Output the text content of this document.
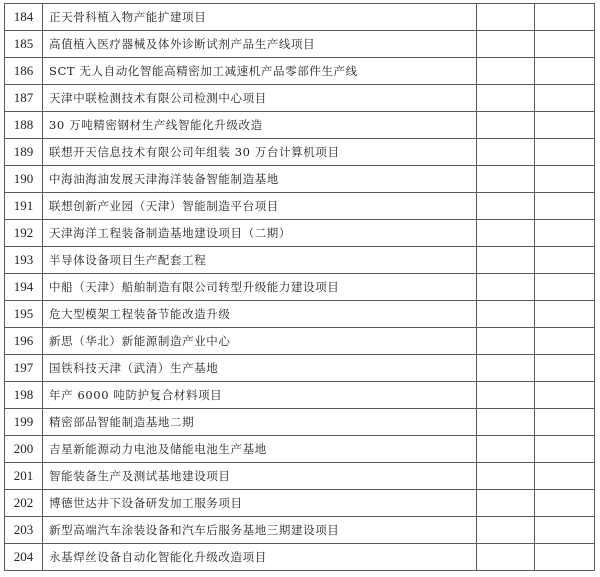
184	正天骨科植入物产能扩建项目		
185	高值植入医疗器械及体外诊断试剂产品生产线项目		
186	SCT 无人自动化智能高精密加工减速机产品零部件生产线		
187	天津中联检测技术有限公司检测中心项目		
188	30 万吨精密钢材生产线智能化升级改造		
189	联想开天信息技术有限公司年组装 30 万台计算机项目		
190	中海油海油发展天津海洋装备智能制造基地		
191	联想创新产业园（天津）智能制造平台项目		
192	天津海洋工程装备制造基地建设项目（二期）		
193	半导体设备项目生产配套工程		
194	中船（天津）船舶制造有限公司转型升级能力建设项目		
195	危大型模架工程装备节能改造升级		
196	新思（华北）新能源制造产业中心		
197	国铁科技天津（武清）生产基地		
198	年产 6000 吨防护复合材料项目		
199	精密部品智能制造基地二期		
200	吉星新能源动力电池及储能电池生产基地		
201	智能装备生产及测试基地建设项目		
202	博德世达井下设备研发加工服务项目		
203	新型高端汽车涂装设备和汽车后服务基地三期建设项目		
204	永基焊丝设备自动化智能化升级改造项目		
